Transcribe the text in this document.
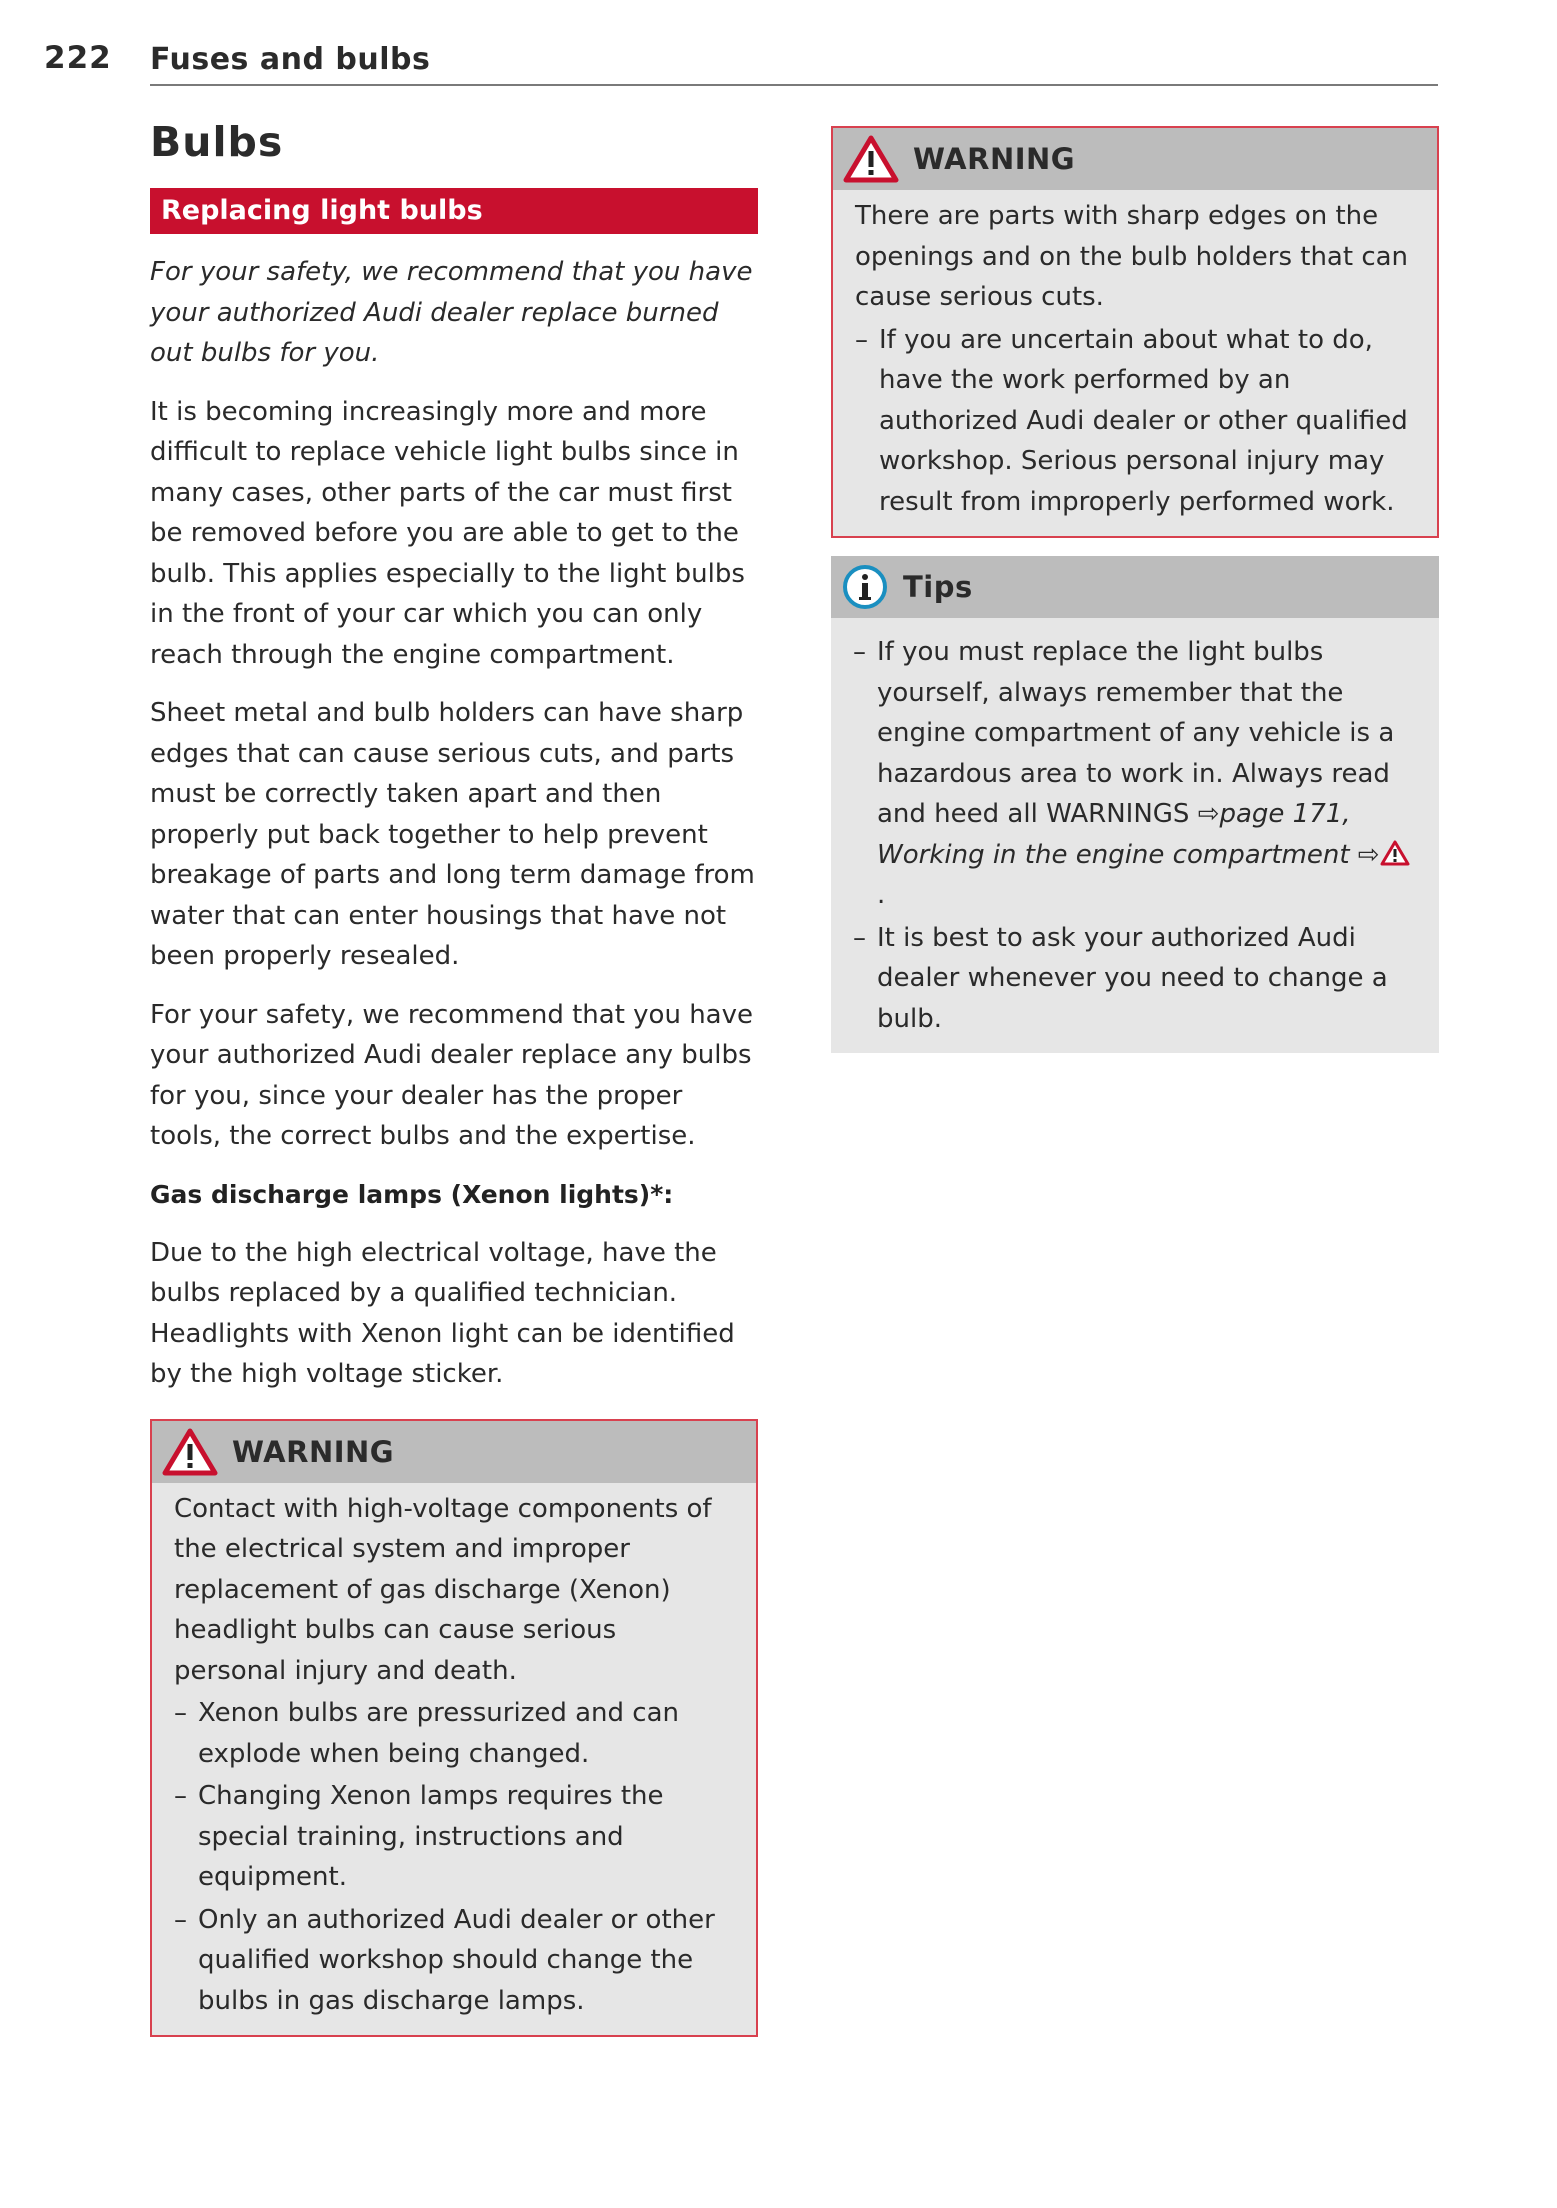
222 Fuses and bulbs
Bulbs
Replacing light bulbs

For your safety, we recommend that you have your authorized Audi dealer replace burned out bulbs for you.

It is becoming increasingly more and more difficult to replace vehicle light bulbs since in many cases, other parts of the car must first be removed before you are able to get to the bulb. This applies especially to the light bulbs in the front of your car which you can only reach through the engine compartment.

Sheet metal and bulb holders can have sharp edges that can cause serious cuts, and parts must be correctly taken apart and then properly put back together to help prevent breakage of parts and long term damage from water that can enter housings that have not been properly resealed.

For your safety, we recommend that you have your authorized Audi dealer replace any bulbs for you, since your dealer has the proper tools, the correct bulbs and the expertise.

Gas discharge lamps (Xenon lights)*:

Due to the high electrical voltage, have the bulbs replaced by a qualified technician. Headlights with Xenon light can be identified by the high voltage sticker.

WARNING

Contact with high-voltage components of the electrical system and improper replacement of gas discharge (Xenon) headlight bulbs can cause serious personal injury and death.

– Xenon bulbs are pressurized and can explode when being changed.
– Changing Xenon lamps requires the special training, instructions and equipment.
– Only an authorized Audi dealer or other qualified workshop should change the bulbs in gas discharge lamps.
WARNING

There are parts with sharp edges on the openings and on the bulb holders that can cause serious cuts.

– If you are uncertain about what to do, have the work performed by an authorized Audi dealer or other qualified workshop. Serious personal injury may result from improperly performed work.
Tips
– If you must replace the light bulbs yourself, always remember that the engine compartment of any vehicle is a hazardous area to work in. Always read and heed all WARNINGS ⇨page 171, Working in the engine compartment ⇨.
– It is best to ask your authorized Audi dealer whenever you need to change a bulb.
